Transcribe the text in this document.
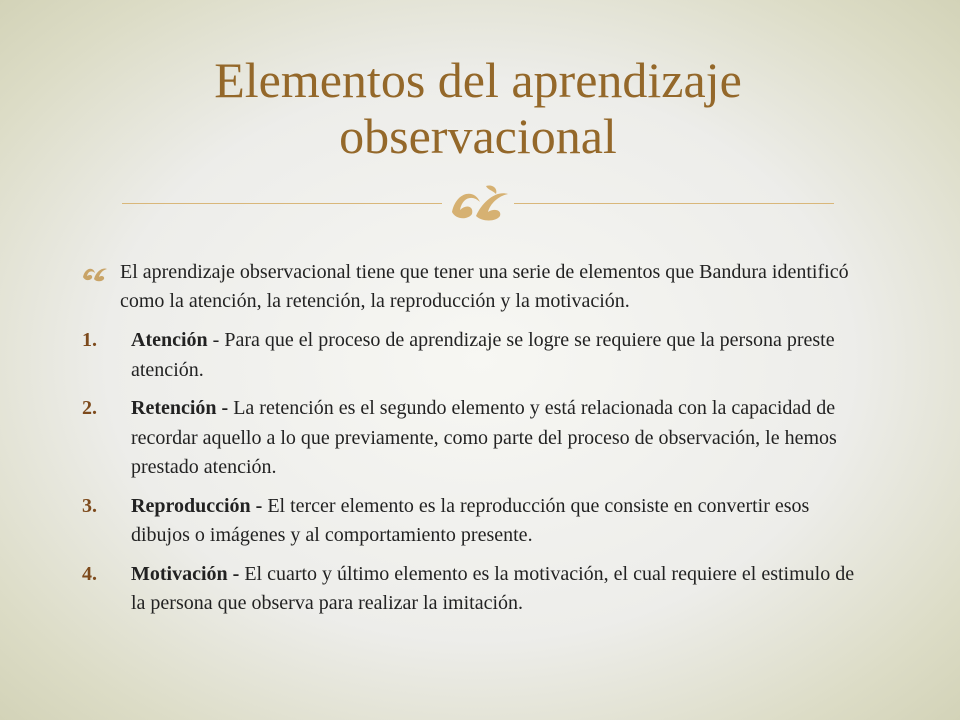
Elementos del aprendizaje observacional

El aprendizaje observacional tiene que tener una serie de elementos que Bandura identificó como la atención, la retención, la reproducción y la motivación.

1. Atención - Para que el proceso de aprendizaje se logre se requiere que la persona preste atención.
2. Retención - La retención es el segundo elemento y está relacionada con la capacidad de recordar aquello a lo que previamente, como parte del proceso de observación, le hemos prestado atención.
3. Reproducción - El tercer elemento es la reproducción que consiste en convertir esos dibujos o imágenes y al comportamiento presente.
4. Motivación - El cuarto y último elemento es la motivación, el cual requiere el estimulo de la persona que observa para realizar la imitación.
